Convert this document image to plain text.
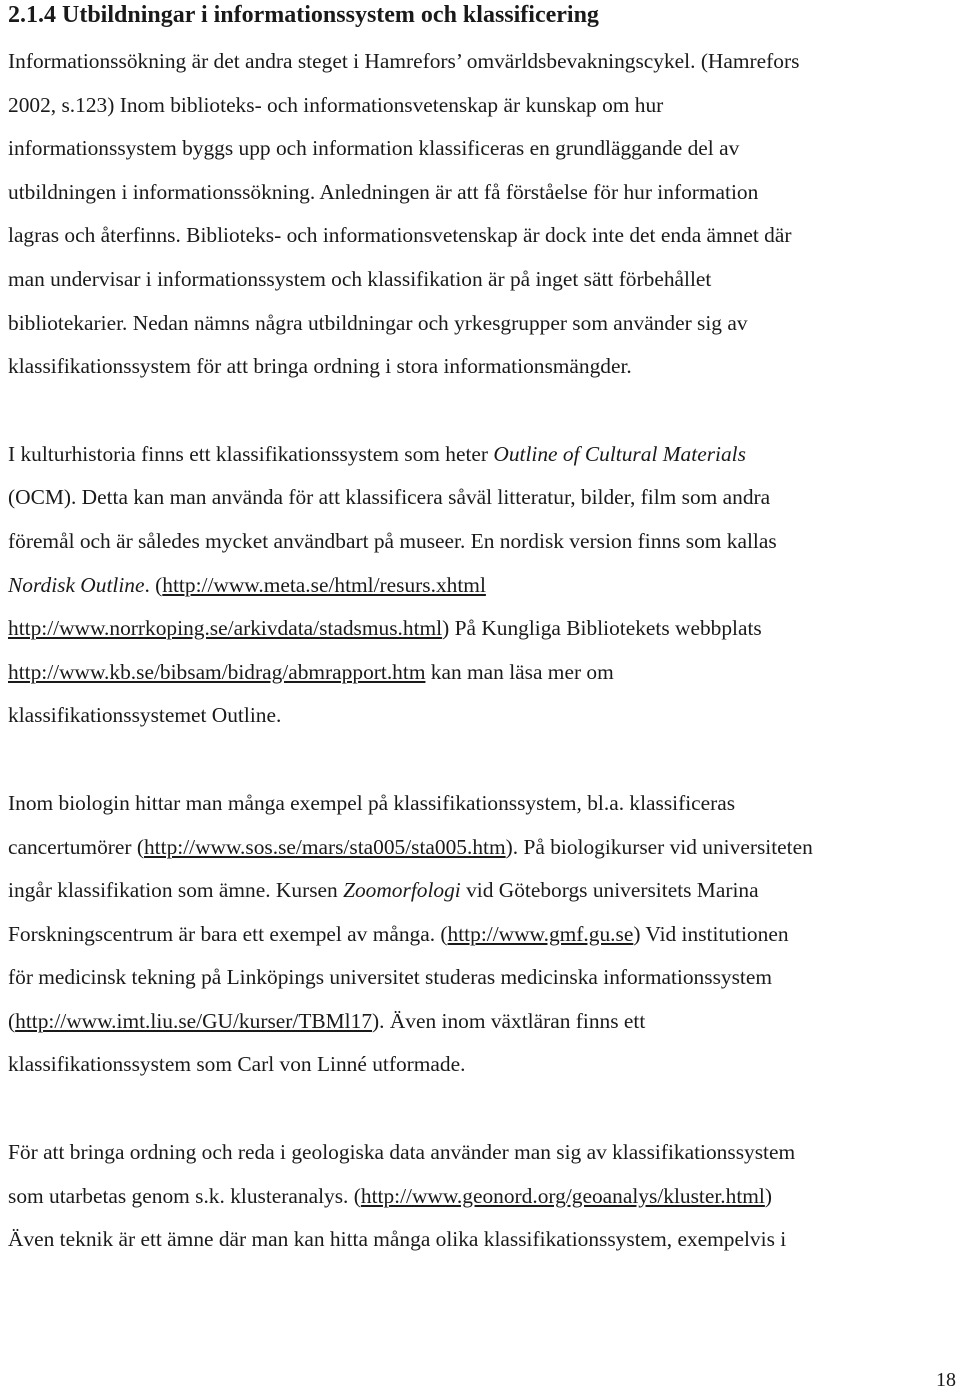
2.1.4 Utbildningar i informationssystem och klassificering
Informationssökning är det andra steget i Hamrefors’ omvärldsbevakningscykel. (Hamrefors
2002, s.123) Inom biblioteks- och informationsvetenskap är kunskap om hur
informationssystem byggs upp och information klassificeras en grundläggande del av
utbildningen i informationssökning. Anledningen är att få förståelse för hur information
lagras och återfinns. Biblioteks- och informationsvetenskap är dock inte det enda ämnet där
man undervisar i informationssystem och klassifikation är på inget sätt förbehållet
bibliotekarier. Nedan nämns några utbildningar och yrkesgrupper som använder sig av
klassifikationssystem för att bringa ordning i stora informationsmängder.
I kulturhistoria finns ett klassifikationssystem som heter Outline of Cultural Materials
(OCM). Detta kan man använda för att klassificera såväl litteratur, bilder, film som andra
föremål och är således mycket användbart på museer. En nordisk version finns som kallas
Nordisk Outline. (http://www.meta.se/html/resurs.xhtml
http://www.norrkoping.se/arkivdata/stadsmus.html) På Kungliga Bibliotekets webbplats
http://www.kb.se/bibsam/bidrag/abmrapport.htm kan man läsa mer om
klassifikationssystemet Outline.
Inom biologin hittar man många exempel på klassifikationssystem, bl.a. klassificeras
cancertumörer (http://www.sos.se/mars/sta005/sta005.htm). På biologikurser vid universiteten
ingår klassifikation som ämne. Kursen Zoomorfologi vid Göteborgs universitets Marina
Forskningscentrum är bara ett exempel av många. (http://www.gmf.gu.se) Vid institutionen
för medicinsk tekning på Linköpings universitet studeras medicinska informationssystem
(http://www.imt.liu.se/GU/kurser/TBMl17). Även inom växtläran finns ett
klassifikationssystem som Carl von Linné utformade.
För att bringa ordning och reda i geologiska data använder man sig av klassifikationssystem
som utarbetas genom s.k. klusteranalys. (http://www.geonord.org/geoanalys/kluster.html)
Även teknik är ett ämne där man kan hitta många olika klassifikationssystem, exempelvis i
18
